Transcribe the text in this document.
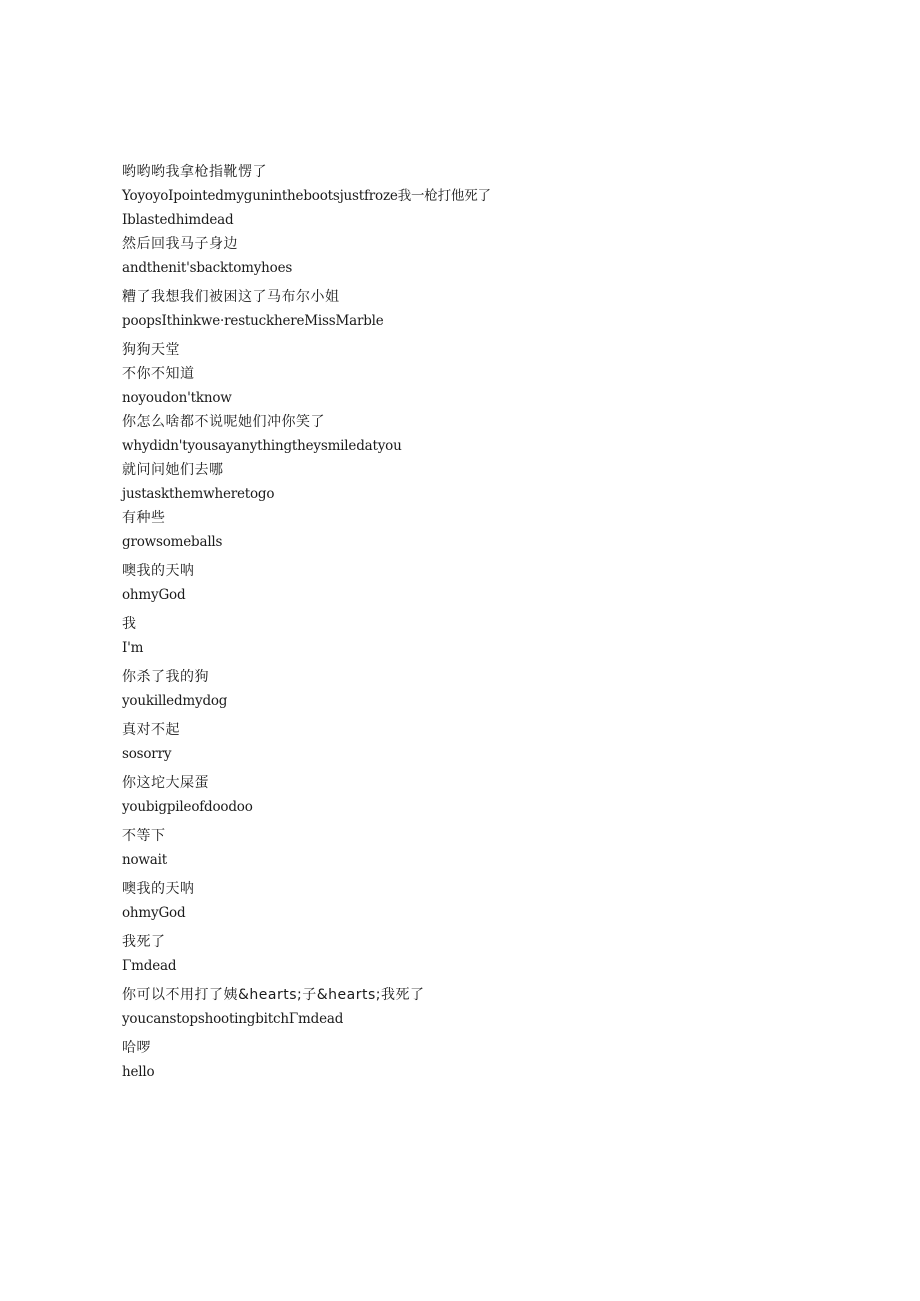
哟哟哟我拿枪指靴愣了
YoyoyoIpointedmyguninthebootsjustfroze我一枪打他死了
Iblastedhimdead
然后回我马子身边
andthenit'sbacktomyhoes
糟了我想我们被困这了马布尔小姐
poopsIthinkwe·restuckhereMissMarble
狗狗天堂
不你不知道
noyoudon'tknow
你怎么啥都不说呢她们冲你笑了
whydidn'tyousayanythingtheysmiledatyou
就问问她们去哪
justaskthemwheretogo
有种些
growsomeballs
噢我的天呐
ohmyGod
我
I'm
你杀了我的狗
youkilledmydog
真对不起
sosorry
你这坨大屎蛋
youbigpileofdoodoo
不等下
nowait
噢我的天呐
ohmyGod
我死了
Γmdead
你可以不用打了姨&hearts;子&hearts;我死了
youcanstopshootingbitchΓmdead
哈啰
hello
